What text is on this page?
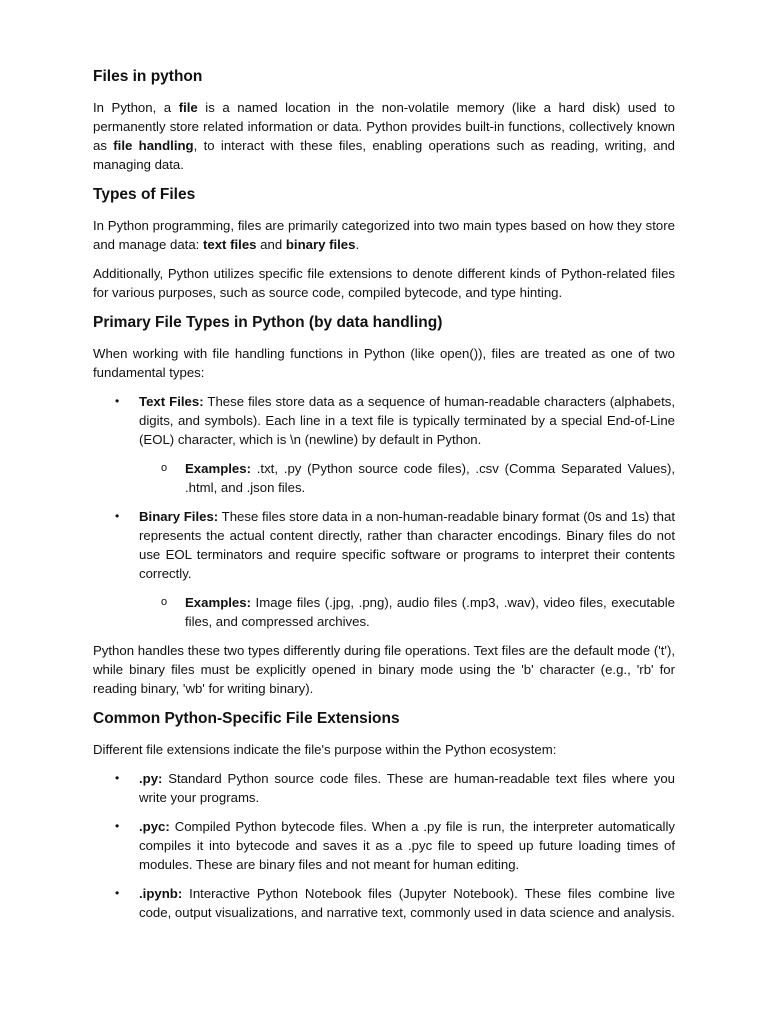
Files in python

In Python, a file is a named location in the non-volatile memory (like a hard disk) used to permanently store related information or data. Python provides built-in functions, collectively known as file handling, to interact with these files, enabling operations such as reading, writing, and managing data.

Types of Files

In Python programming, files are primarily categorized into two main types based on how they store and manage data: text files and binary files.

Additionally, Python utilizes specific file extensions to denote different kinds of Python-related files for various purposes, such as source code, compiled bytecode, and type hinting.

Primary File Types in Python (by data handling)

When working with file handling functions in Python (like open()), files are treated as one of two fundamental types:

• Text Files: These files store data as a sequence of human-readable characters (alphabets, digits, and symbols). Each line in a text file is typically terminated by a special End-of-Line (EOL) character, which is \n (newline) by default in Python.
o Examples: .txt, .py (Python source code files), .csv (Comma Separated Values), .html, and .json files.
• Binary Files: These files store data in a non-human-readable binary format (0s and 1s) that represents the actual content directly, rather than character encodings. Binary files do not use EOL terminators and require specific software or programs to interpret their contents correctly.
o Examples: Image files (.jpg, .png), audio files (.mp3, .wav), video files, executable files, and compressed archives.

Python handles these two types differently during file operations. Text files are the default mode ('t'), while binary files must be explicitly opened in binary mode using the 'b' character (e.g., 'rb' for reading binary, 'wb' for writing binary).

Common Python-Specific File Extensions

Different file extensions indicate the file's purpose within the Python ecosystem:

• .py: Standard Python source code files. These are human-readable text files where you write your programs.
• .pyc: Compiled Python bytecode files. When a .py file is run, the interpreter automatically compiles it into bytecode and saves it as a .pyc file to speed up future loading times of modules. These are binary files and not meant for human editing.
• .ipynb: Interactive Python Notebook files (Jupyter Notebook). These files combine live code, output visualizations, and narrative text, commonly used in data science and analysis.
